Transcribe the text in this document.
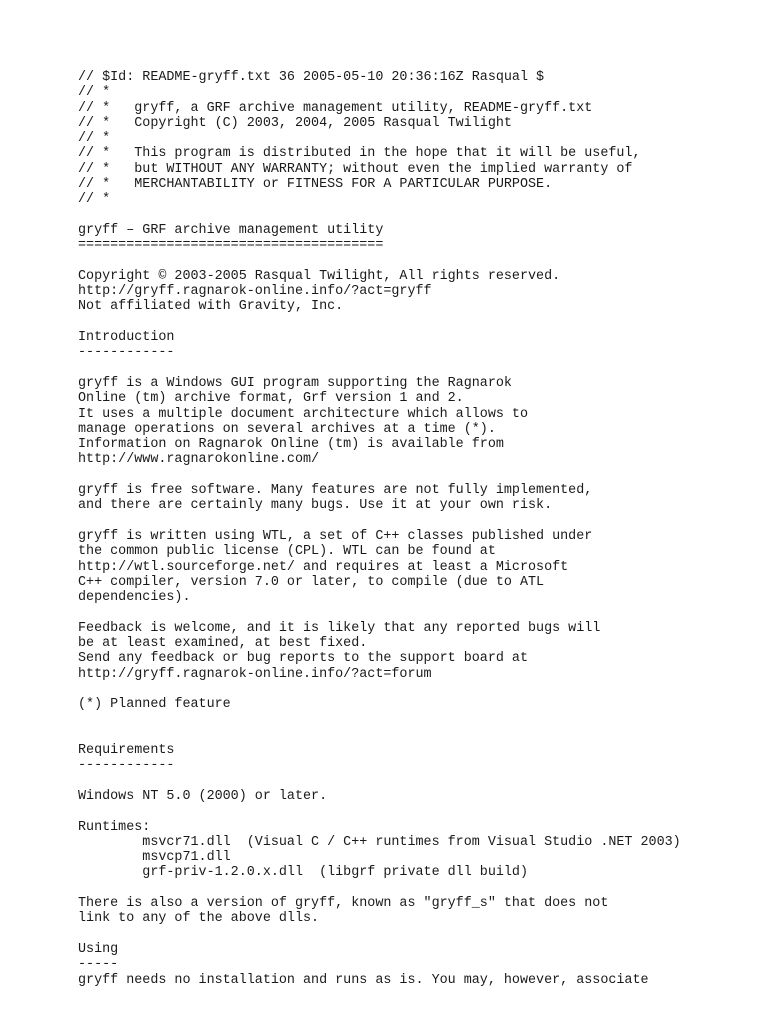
// $Id: README-gryff.txt 36 2005-05-10 20:36:16Z Rasqual $
// *
// *   gryff, a GRF archive management utility, README-gryff.txt
// *   Copyright (C) 2003, 2004, 2005 Rasqual Twilight
// *
// *   This program is distributed in the hope that it will be useful,
// *   but WITHOUT ANY WARRANTY; without even the implied warranty of
// *   MERCHANTABILITY or FITNESS FOR A PARTICULAR PURPOSE.
// *
gryff – GRF archive management utility
======================================
Copyright © 2003-2005 Rasqual Twilight, All rights reserved.
http://gryff.ragnarok-online.info/?act=gryff
Not affiliated with Gravity, Inc.
Introduction
------------
gryff is a Windows GUI program supporting the Ragnarok
Online (tm) archive format, Grf version 1 and 2.
It uses a multiple document architecture which allows to
manage operations on several archives at a time (*).
Information on Ragnarok Online (tm) is available from
http://www.ragnarokonline.com/
gryff is free software. Many features are not fully implemented,
and there are certainly many bugs. Use it at your own risk.
gryff is written using WTL, a set of C++ classes published under
the common public license (CPL). WTL can be found at
http://wtl.sourceforge.net/ and requires at least a Microsoft
C++ compiler, version 7.0 or later, to compile (due to ATL
dependencies).
Feedback is welcome, and it is likely that any reported bugs will
be at least examined, at best fixed.
Send any feedback or bug reports to the support board at
http://gryff.ragnarok-online.info/?act=forum
(*) Planned feature
Requirements
------------
Windows NT 5.0 (2000) or later.
Runtimes:
msvcr71.dll  (Visual C / C++ runtimes from Visual Studio .NET 2003)
msvcp71.dll
grf-priv-1.2.0.x.dll  (libgrf private dll build)
There is also a version of gryff, known as "gryff_s" that does not
link to any of the above dlls.
Using
-----
gryff needs no installation and runs as is. You may, however, associate
